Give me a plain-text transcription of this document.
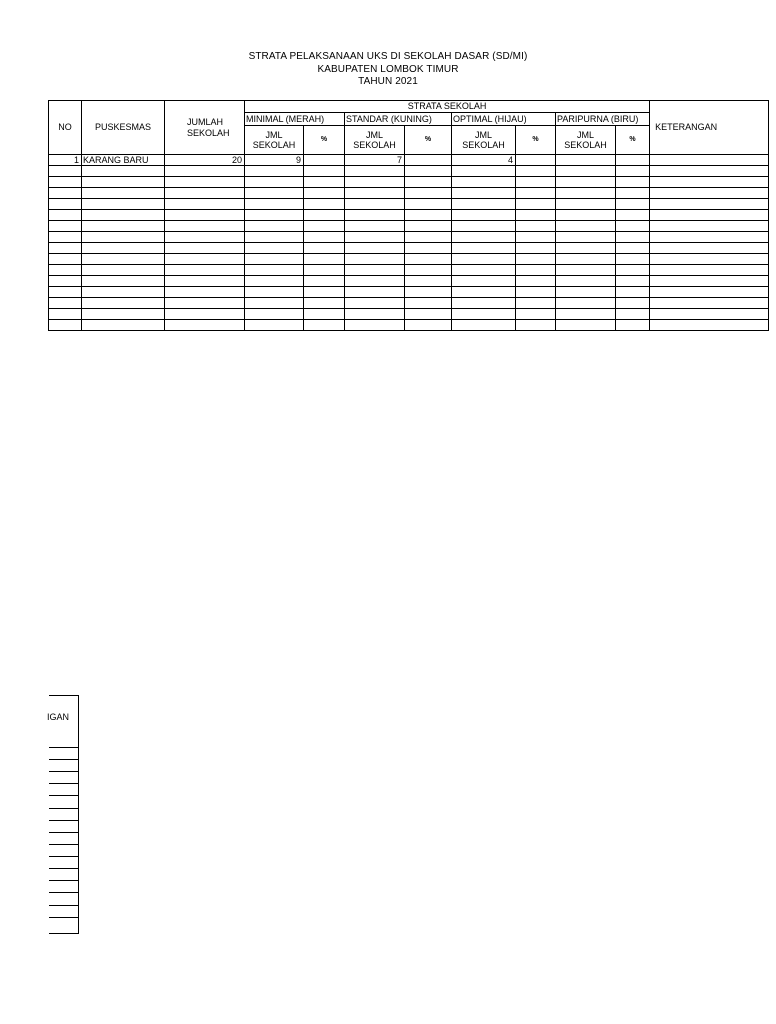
STRATA PELAKSANAAN UKS DI SEKOLAH DASAR (SD/MI)
KABUPATEN LOMBOK TIMUR
TAHUN 2021
NO	PUSKESMAS	JUMLAH SEKOLAH	STRATA SEKOLAH								KETERANGAN
			MINIMAL (MERAH)		STANDAR (KUNING)		OPTIMAL (HIJAU)		PARIPURNA (BIRU)		
			JML SEKOLAH	%	JML SEKOLAH	%	JML SEKOLAH	%	JML SEKOLAH	%	
1	KARANG BARU	20	9		7		4				

IGAN
